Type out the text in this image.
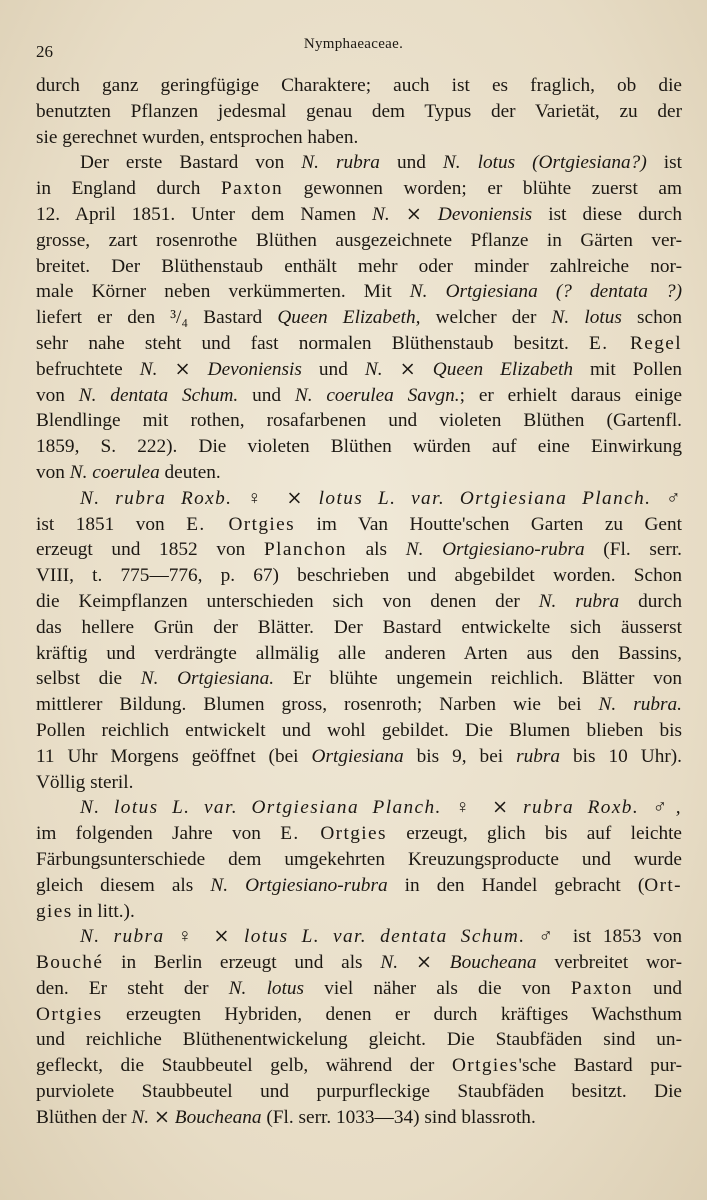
26	Nymphaeaceae.
durch ganz geringfügige Charaktere; auch ist es fraglich, ob die
benutzten Pflanzen jedesmal genau dem Typus der Varietät, zu der
sie gerechnet wurden, entsprochen haben.
Der erste Bastard von N. rubra und N. lotus (Ortgiesiana?) ist
in England durch Paxton gewonnen worden; er blühte zuerst am
12. April 1851. Unter dem Namen N. ⨯ Devoniensis ist diese durch
grosse, zart rosenrothe Blüthen ausgezeichnete Pflanze in Gärten ver-
breitet. Der Blüthenstaub enthält mehr oder minder zahlreiche nor-
male Körner neben verkümmerten. Mit N. Ortgiesiana (? dentata ?)
liefert er den ³/₄ Bastard Queen Elizabeth, welcher der N. lotus schon
sehr nahe steht und fast normalen Blüthenstaub besitzt. E. Regel
befruchtete N. ⨯ Devoniensis und N. ⨯ Queen Elizabeth mit Pollen
von N. dentata Schum. und N. coerulea Savgn.; er erhielt daraus einige
Blendlinge mit rothen, rosafarbenen und violeten Blüthen (Gartenfl.
1859, S. 222). Die violeten Blüthen würden auf eine Einwirkung
von N. coerulea deuten.
N. rubra Roxb. ♀ ⨯ lotus L. var. Ortgiesiana Planch. ♂
ist 1851 von E. Ortgies im Van Houtte'schen Garten zu Gent
erzeugt und 1852 von Planchon als N. Ortgiesiano-rubra (Fl. serr.
VIII, t. 775—776, p. 67) beschrieben und abgebildet worden. Schon
die Keimpflanzen unterschieden sich von denen der N. rubra durch
das hellere Grün der Blätter. Der Bastard entwickelte sich äusserst
kräftig und verdrängte allmälig alle anderen Arten aus den Bassins,
selbst die N. Ortgiesiana. Er blühte ungemein reichlich. Blätter von
mittlerer Bildung. Blumen gross, rosenroth; Narben wie bei N. rubra.
Pollen reichlich entwickelt und wohl gebildet. Die Blumen blieben bis
11 Uhr Morgens geöffnet (bei Ortgiesiana bis 9, bei rubra bis 10 Uhr).
Völlig steril.
N. lotus L. var. Ortgiesiana Planch. ♀ ⨯ rubra Roxb. ♂,
im folgenden Jahre von E. Ortgies erzeugt, glich bis auf leichte
Färbungsunterschiede dem umgekehrten Kreuzungsproducte und wurde
gleich diesem als N. Ortgiesiano-rubra in den Handel gebracht (Ort-
gies in litt.).
N. rubra ♀ ⨯ lotus L. var. dentata Schum. ♂ ist 1853 von
Bouché in Berlin erzeugt und als N. ⨯ Boucheana verbreitet wor-
den. Er steht der N. lotus viel näher als die von Paxton und
Ortgies erzeugten Hybriden, denen er durch kräftiges Wachsthum
und reichliche Blüthenentwickelung gleicht. Die Staubfäden sind un-
gefleckt, die Staubbeutel gelb, während der Ortgies'sche Bastard pur-
purviolete Staubbeutel und purpurfleckige Staubfäden besitzt. Die
Blüthen der N. ⨯ Boucheana (Fl. serr. 1033—34) sind blassroth.
